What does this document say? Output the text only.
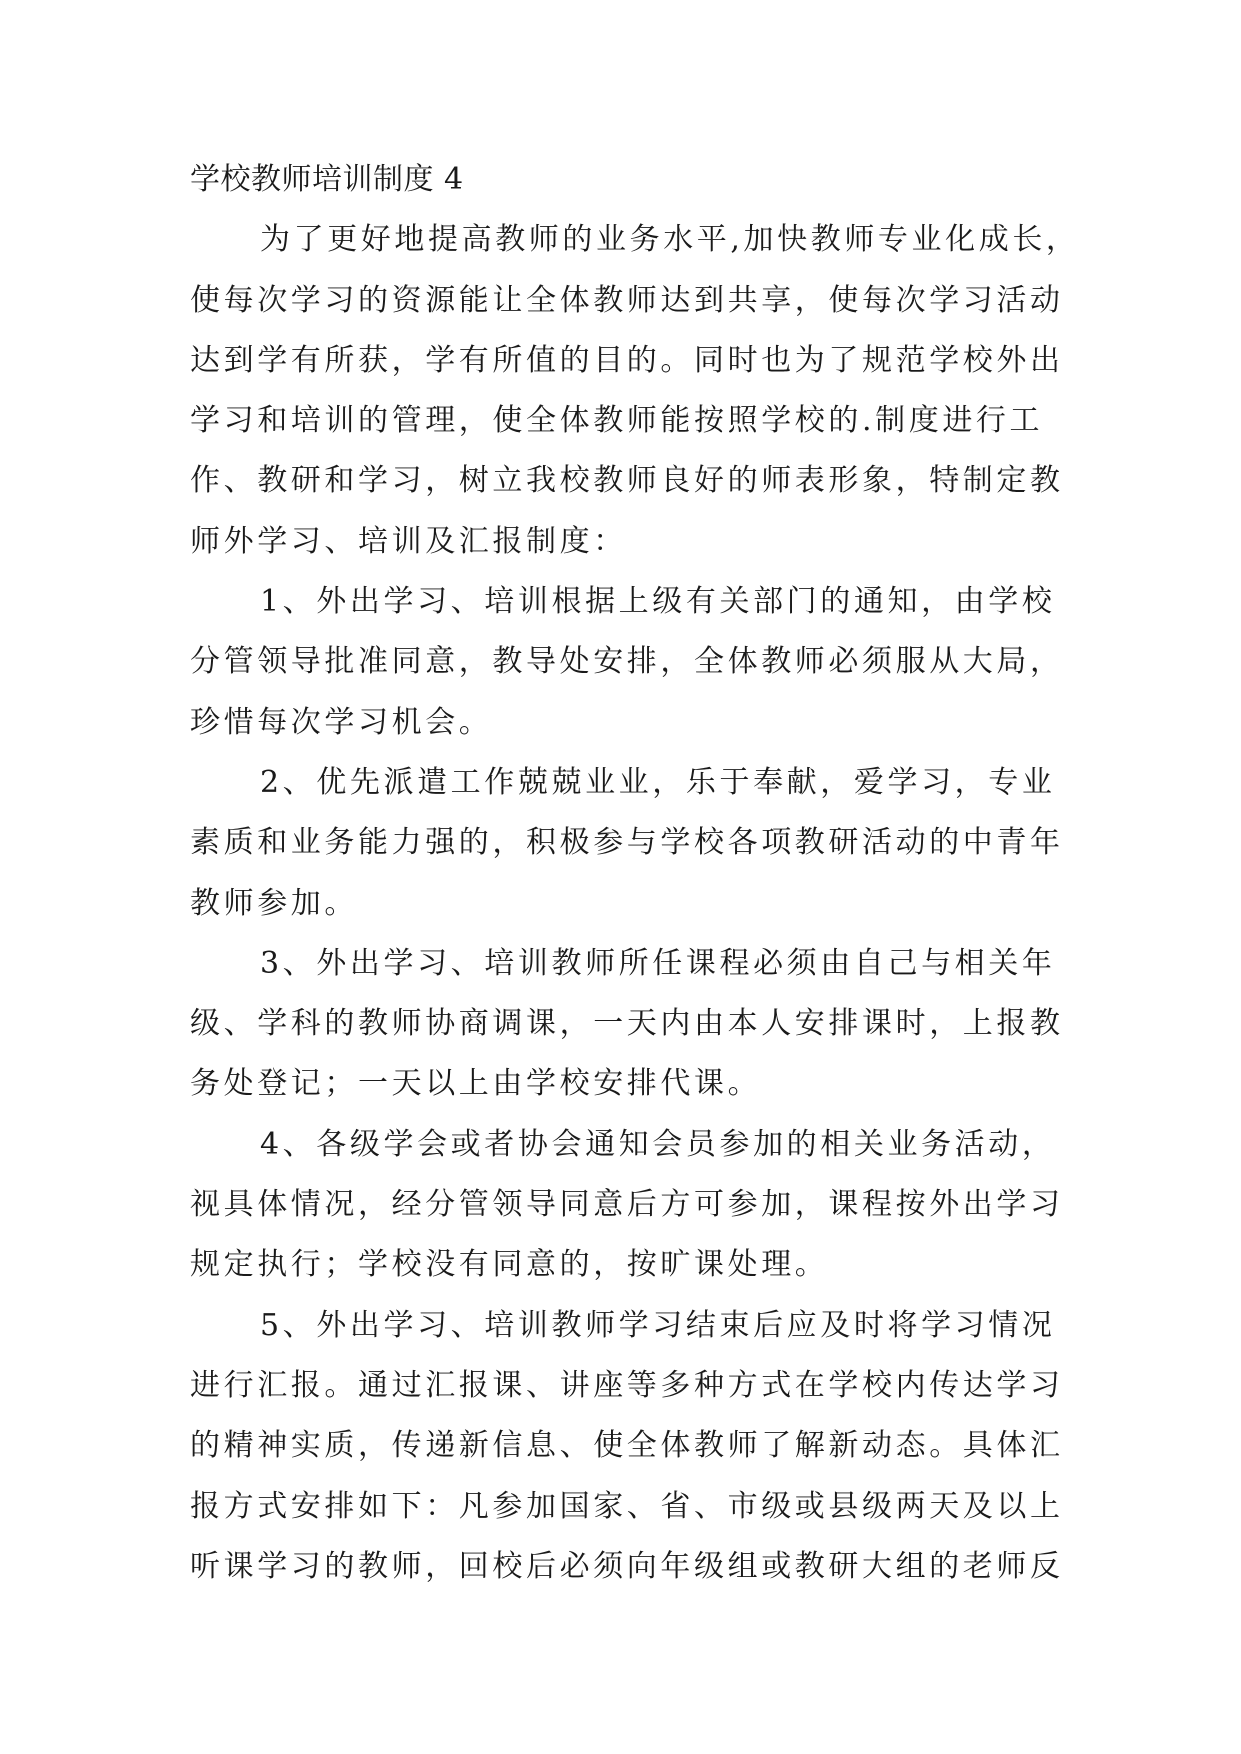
学校教师培训制度 4
为了更好地提高教师的业务水平,加快教师专业化成长，
使每次学习的资源能让全体教师达到共享，使每次学习活动
达到学有所获，学有所值的目的。同时也为了规范学校外出
学习和培训的管理，使全体教师能按照学校的.制度进行工
作、教研和学习，树立我校教师良好的师表形象，特制定教
师外学习、培训及汇报制度：
1、外出学习、培训根据上级有关部门的通知，由学校
分管领导批准同意，教导处安排，全体教师必须服从大局，
珍惜每次学习机会。
2、优先派遣工作兢兢业业，乐于奉献，爱学习，专业
素质和业务能力强的，积极参与学校各项教研活动的中青年
教师参加。
3、外出学习、培训教师所任课程必须由自己与相关年
级、学科的教师协商调课，一天内由本人安排课时，上报教
务处登记；一天以上由学校安排代课。
4、各级学会或者协会通知会员参加的相关业务活动，
视具体情况，经分管领导同意后方可参加，课程按外出学习
规定执行；学校没有同意的，按旷课处理。
5、外出学习、培训教师学习结束后应及时将学习情况
进行汇报。通过汇报课、讲座等多种方式在学校内传达学习
的精神实质，传递新信息、使全体教师了解新动态。具体汇
报方式安排如下：凡参加国家、省、市级或县级两天及以上
听课学习的教师，回校后必须向年级组或教研大组的老师反
